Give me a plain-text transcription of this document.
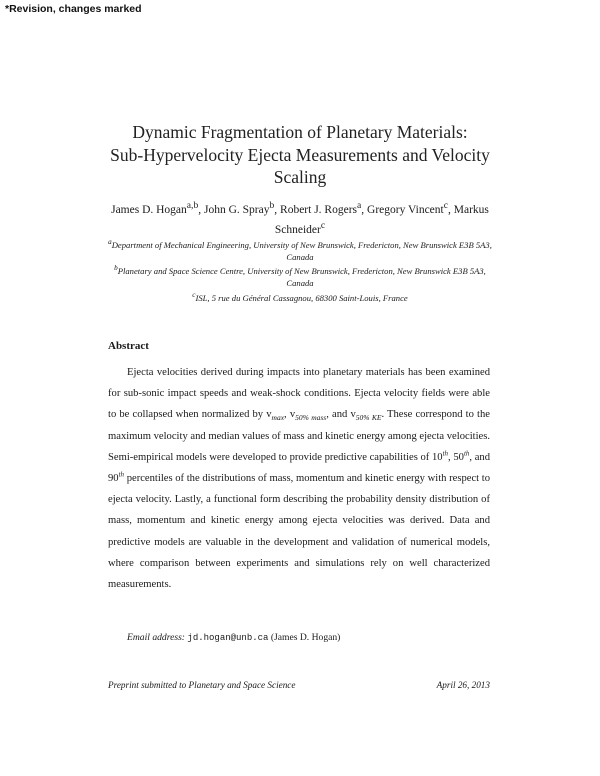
*Revision, changes marked
Dynamic Fragmentation of Planetary Materials:
Sub-Hypervelocity Ejecta Measurements and Velocity
Scaling
James D. Hogan$^{a,b}$, John G. Spray$^b$, Robert J. Rogers$^a$, Gregory Vincent$^c$, Markus Schneider$^c$

$^a$Department of Mechanical Engineering, University of New Brunswick, Fredericton, New Brunswick E3B 5A3, Canada

$^b$Planetary and Space Science Centre, University of New Brunswick, Fredericton, New Brunswick E3B 5A3, Canada

$^c$ISL, 5 rue du Général Cassagnou, 68300 Saint-Louis, France

Abstract
Ejecta velocities derived during impacts into planetary materials has been examined for sub-sonic impact speeds and weak-shock conditions. Ejecta velocity fields were able to be collapsed when normalized by $v_{max}$, $v_{50\% mass}$, and $v_{50\% KE}$. These correspond to the maximum velocity and median values of mass and kinetic energy among ejecta velocities. Semi-empirical models were developed to provide predictive capabilities of 10th, 50th, and 90th percentiles of the distributions of mass, momentum and kinetic energy with respect to ejecta velocity. Lastly, a functional form describing the probability density distribution of mass, momentum and kinetic energy among ejecta velocities was derived. Data and predictive models are valuable in the development and validation of numerical models, where comparison between experiments and simulations rely on well characterized measurements.
Email address: jd.hogan@unb.ca (James D. Hogan)
Preprint submitted to Planetary and Space Science	April 26, 2013
